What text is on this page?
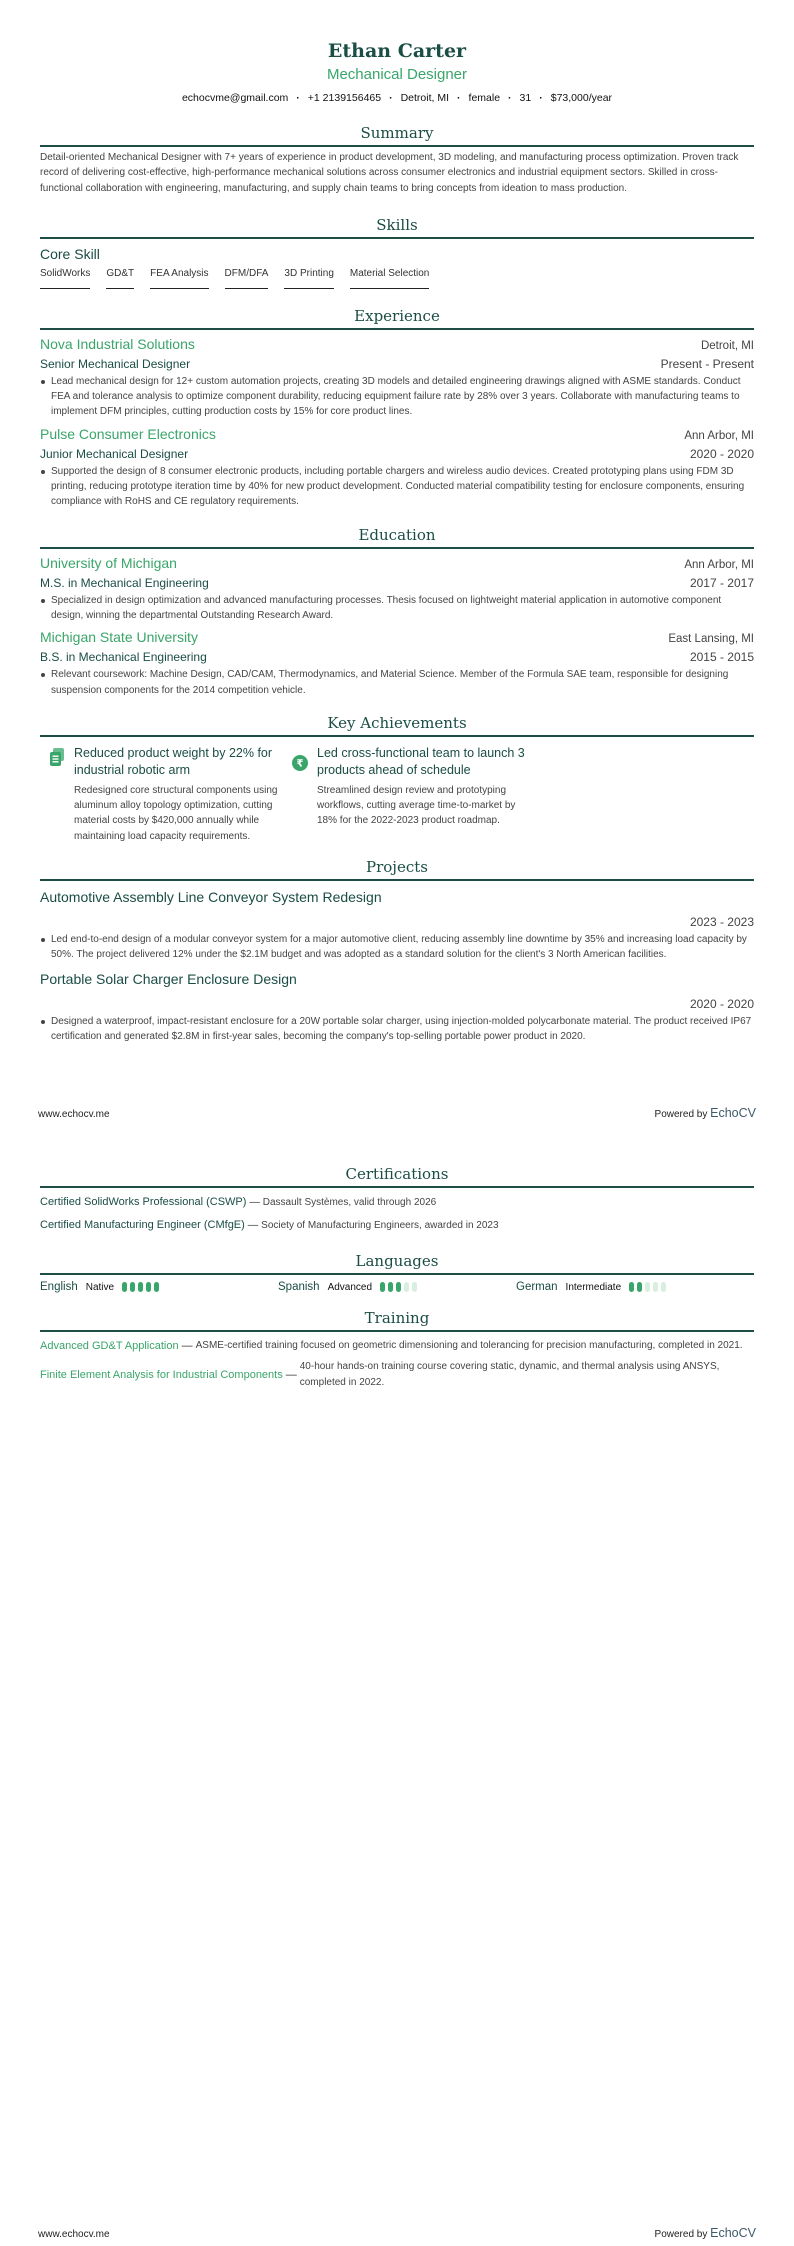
Ethan Carter
Mechanical Designer
echocvme@gmail.com · +1 2139156465 · Detroit, MI · female · 31 · $73,000/year
Summary
Detail-oriented Mechanical Designer with 7+ years of experience in product development, 3D modeling, and manufacturing process optimization. Proven track record of delivering cost-effective, high-performance mechanical solutions across consumer electronics and industrial equipment sectors. Skilled in cross-functional collaboration with engineering, manufacturing, and supply chain teams to bring concepts from ideation to mass production.
Skills
Core Skill
SolidWorks GD&T FEA Analysis DFM/DFA 3D Printing Material Selection
Experience
Nova Industrial Solutions	Detroit, MI
Senior Mechanical Designer	Present - Present
Lead mechanical design for 12+ custom automation projects, creating 3D models and detailed engineering drawings aligned with ASME standards. Conduct FEA and tolerance analysis to optimize component durability, reducing equipment failure rate by 28% over 3 years. Collaborate with manufacturing teams to implement DFM principles, cutting production costs by 15% for core product lines.
Pulse Consumer Electronics	Ann Arbor, MI
Junior Mechanical Designer	2020 - 2020
Supported the design of 8 consumer electronic products, including portable chargers and wireless audio devices. Created prototyping plans using FDM 3D printing, reducing prototype iteration time by 40% for new product development. Conducted material compatibility testing for enclosure components, ensuring compliance with RoHS and CE regulatory requirements.
Education
University of Michigan	Ann Arbor, MI
M.S. in Mechanical Engineering	2017 - 2017
Specialized in design optimization and advanced manufacturing processes. Thesis focused on lightweight material application in automotive component design, winning the departmental Outstanding Research Award.
Michigan State University	East Lansing, MI
B.S. in Mechanical Engineering	2015 - 2015
Relevant coursework: Machine Design, CAD/CAM, Thermodynamics, and Material Science. Member of the Formula SAE team, responsible for designing suspension components for the 2014 competition vehicle.
Key Achievements
Reduced product weight by 22% for industrial robotic arm
Redesigned core structural components using aluminum alloy topology optimization, cutting material costs by $420,000 annually while maintaining load capacity requirements.
₹
Led cross-functional team to launch 3 products ahead of schedule
Streamlined design review and prototyping workflows, cutting average time-to-market by 18% for the 2022-2023 product roadmap.
Projects
Automotive Assembly Line Conveyor System Redesign
2023 - 2023
Led end-to-end design of a modular conveyor system for a major automotive client, reducing assembly line downtime by 35% and increasing load capacity by 50%. The project delivered 12% under the $2.1M budget and was adopted as a standard solution for the client's 3 North American facilities.
Portable Solar Charger Enclosure Design
2020 - 2020
Designed a waterproof, impact-resistant enclosure for a 20W portable solar charger, using injection-molded polycarbonate material. The product received IP67 certification and generated $2.8M in first-year sales, becoming the company's top-selling portable power product in 2020.
www.echocv.me	Powered by EchoCV
Certifications
Certified SolidWorks Professional (CSWP) — Dassault Systèmes, valid through 2026
Certified Manufacturing Engineer (CMfgE) — Society of Manufacturing Engineers, awarded in 2023
Languages
English Native	Spanish Advanced	German Intermediate
Training
Advanced GD&T Application — ASME-certified training focused on geometric dimensioning and tolerancing for precision manufacturing, completed in 2021.
Finite Element Analysis for Industrial Components —
40-hour hands-on training course covering static, dynamic, and thermal analysis using ANSYS, completed in 2022.
www.echocv.me	Powered by EchoCV
